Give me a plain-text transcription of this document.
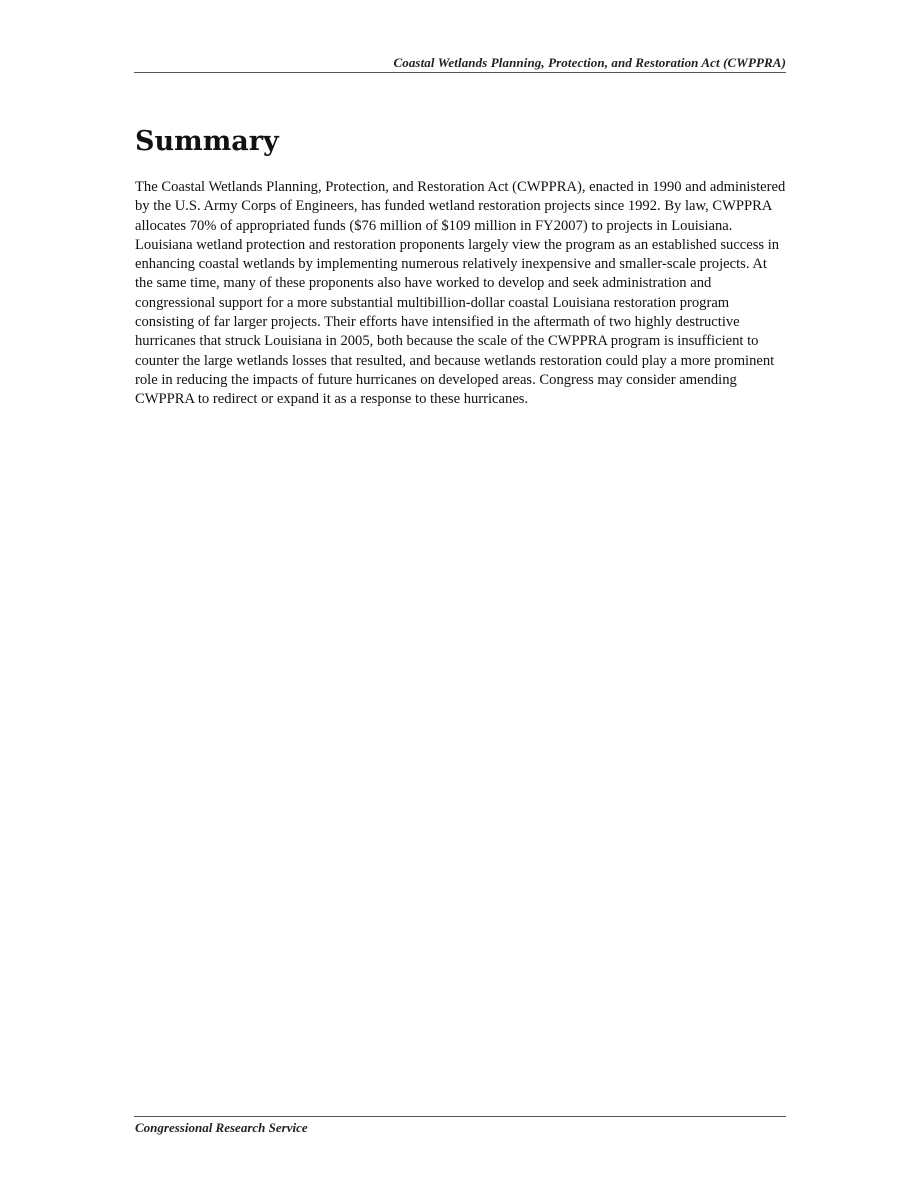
Coastal Wetlands Planning, Protection, and Restoration Act (CWPPRA)
Summary

The Coastal Wetlands Planning, Protection, and Restoration Act (CWPPRA), enacted in 1990 and administered by the U.S. Army Corps of Engineers, has funded wetland restoration projects since 1992. By law, CWPPRA allocates 70% of appropriated funds ($76 million of $109 million in FY2007) to projects in Louisiana. Louisiana wetland protection and restoration proponents largely view the program as an established success in enhancing coastal wetlands by implementing numerous relatively inexpensive and smaller-scale projects. At the same time, many of these proponents also have worked to develop and seek administration and congressional support for a more substantial multibillion-dollar coastal Louisiana restoration program consisting of far larger projects. Their efforts have intensified in the aftermath of two highly destructive hurricanes that struck Louisiana in 2005, both because the scale of the CWPPRA program is insufficient to counter the large wetlands losses that resulted, and because wetlands restoration could play a more prominent role in reducing the impacts of future hurricanes on developed areas. Congress may consider amending CWPPRA to redirect or expand it as a response to these hurricanes.

Congressional Research Service
